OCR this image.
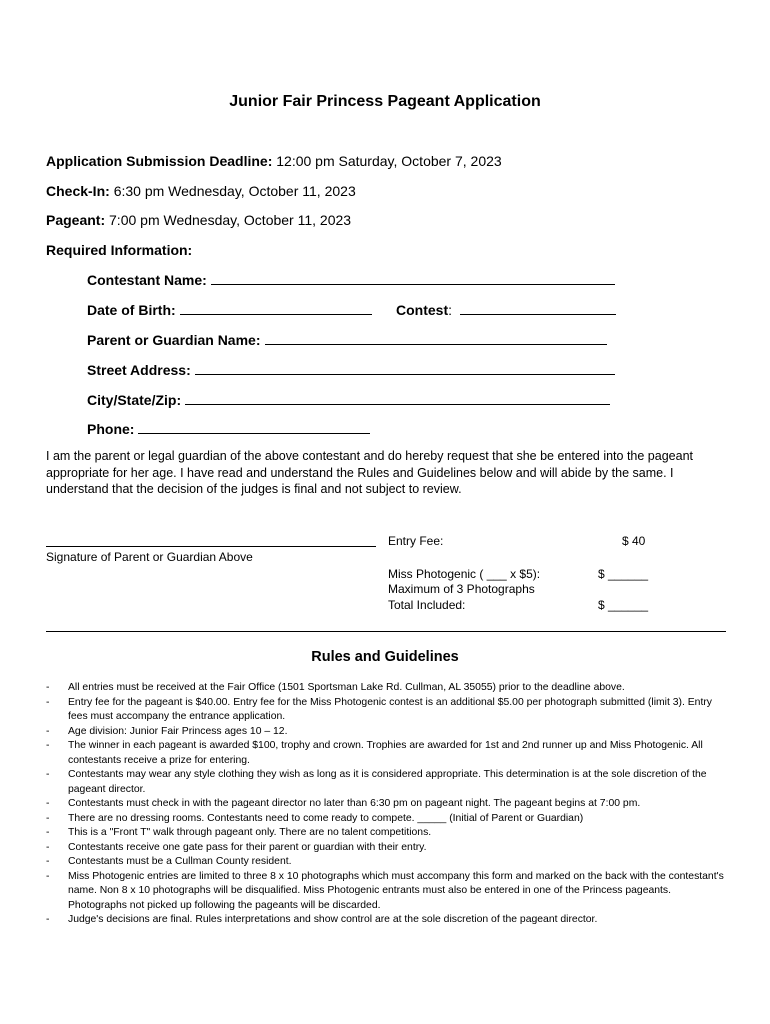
Junior Fair Princess Pageant Application
Application Submission Deadline: 12:00 pm Saturday, October 7, 2023
Check-In: 6:30 pm Wednesday, October 11, 2023
Pageant: 7:00 pm Wednesday, October 11, 2023
Required Information:
Contestant Name:
Date of Birth:	Contest:
Parent or Guardian Name:
Street Address:
City/State/Zip:
Phone:
I am the parent or legal guardian of the above contestant and do hereby request that she be entered into the pageant appropriate for her age. I have read and understand the Rules and Guidelines below and will abide by the same. I understand that the decision of the judges is final and not subject to review.
Signature of Parent or Guardian Above
Entry Fee:	$ 40
Miss Photogenic ( ___ x $5):	$ ______
Maximum of 3 Photographs
Total Included:	$ ______
Rules and Guidelines
-	All entries must be received at the Fair Office (1501 Sportsman Lake Rd. Cullman, AL 35055) prior to the deadline above.
-	Entry fee for the pageant is $40.00. Entry fee for the Miss Photogenic contest is an additional $5.00 per photograph submitted (limit 3). Entry fees must accompany the entrance application.
-	Age division: Junior Fair Princess ages 10 – 12.
-	The winner in each pageant is awarded $100, trophy and crown. Trophies are awarded for 1st and 2nd runner up and Miss Photogenic. All contestants receive a prize for entering.
-	Contestants may wear any style clothing they wish as long as it is considered appropriate. This determination is at the sole discretion of the pageant director.
-	Contestants must check in with the pageant director no later than 6:30 pm on pageant night. The pageant begins at 7:00 pm.
-	There are no dressing rooms. Contestants need to come ready to compete. _____ (Initial of Parent or Guardian)
-	This is a "Front T" walk through pageant only. There are no talent competitions.
-	Contestants receive one gate pass for their parent or guardian with their entry.
-	Contestants must be a Cullman County resident.
-	Miss Photogenic entries are limited to three 8 x 10 photographs which must accompany this form and marked on the back with the contestant's name. Non 8 x 10 photographs will be disqualified. Miss Photogenic entrants must also be entered in one of the Princess pageants. Photographs not picked up following the pageants will be discarded.
-	Judge's decisions are final. Rules interpretations and show control are at the sole discretion of the pageant director.
